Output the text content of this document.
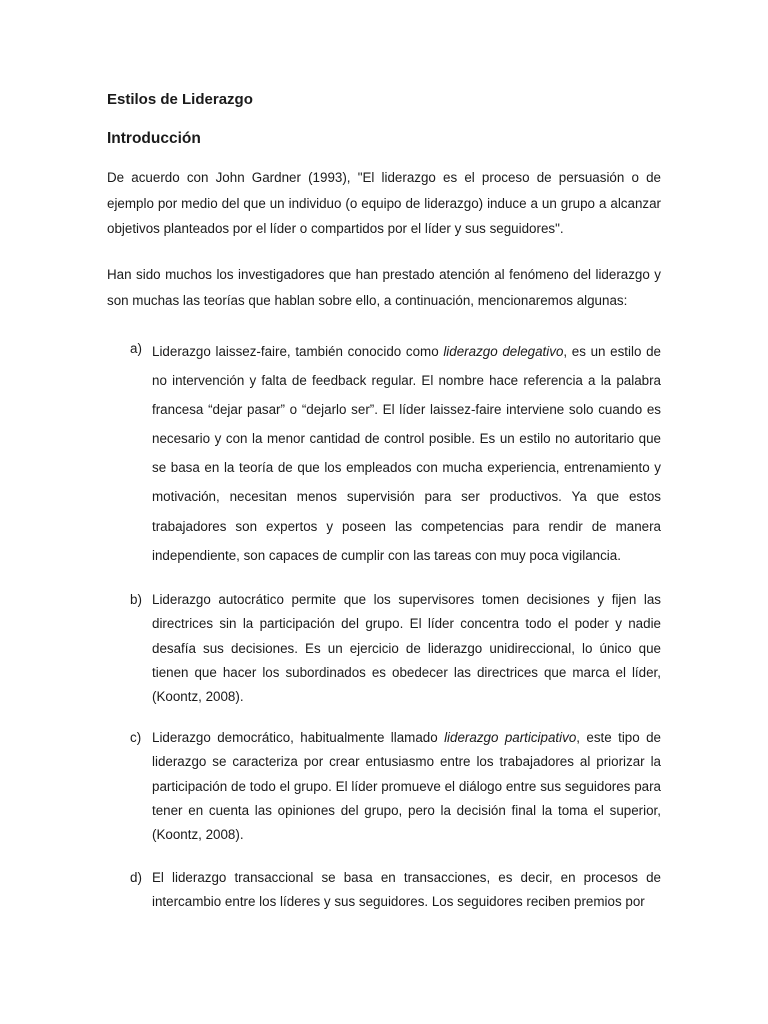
Estilos de Liderazgo
Introducción

De acuerdo con John Gardner (1993), "El liderazgo es el proceso de persuasión o de ejemplo por medio del que un individuo (o equipo de liderazgo) induce a un grupo a alcanzar objetivos planteados por el líder o compartidos por el líder y sus seguidores".

Han sido muchos los investigadores que han prestado atención al fenómeno del liderazgo y son muchas las teorías que hablan sobre ello, a continuación, mencionaremos algunas:

a) Liderazgo laissez-faire, también conocido como liderazgo delegativo, es un estilo de no intervención y falta de feedback regular. El nombre hace referencia a la palabra francesa “dejar pasar” o “dejarlo ser”. El líder laissez-faire interviene solo cuando es necesario y con la menor cantidad de control posible. Es un estilo no autoritario que se basa en la teoría de que los empleados con mucha experiencia, entrenamiento y motivación, necesitan menos supervisión para ser productivos. Ya que estos trabajadores son expertos y poseen las competencias para rendir de manera independiente, son capaces de cumplir con las tareas con muy poca vigilancia.

b) Liderazgo autocrático permite que los supervisores tomen decisiones y fijen las directrices sin la participación del grupo. El líder concentra todo el poder y nadie desafía sus decisiones. Es un ejercicio de liderazgo unidireccional, lo único que tienen que hacer los subordinados es obedecer las directrices que marca el líder, (Koontz, 2008).

c) Liderazgo democrático, habitualmente llamado liderazgo participativo, este tipo de liderazgo se caracteriza por crear entusiasmo entre los trabajadores al priorizar la participación de todo el grupo. El líder promueve el diálogo entre sus seguidores para tener en cuenta las opiniones del grupo, pero la decisión final la toma el superior, (Koontz, 2008).

d) El liderazgo transaccional se basa en transacciones, es decir, en procesos de intercambio entre los líderes y sus seguidores. Los seguidores reciben premios por
